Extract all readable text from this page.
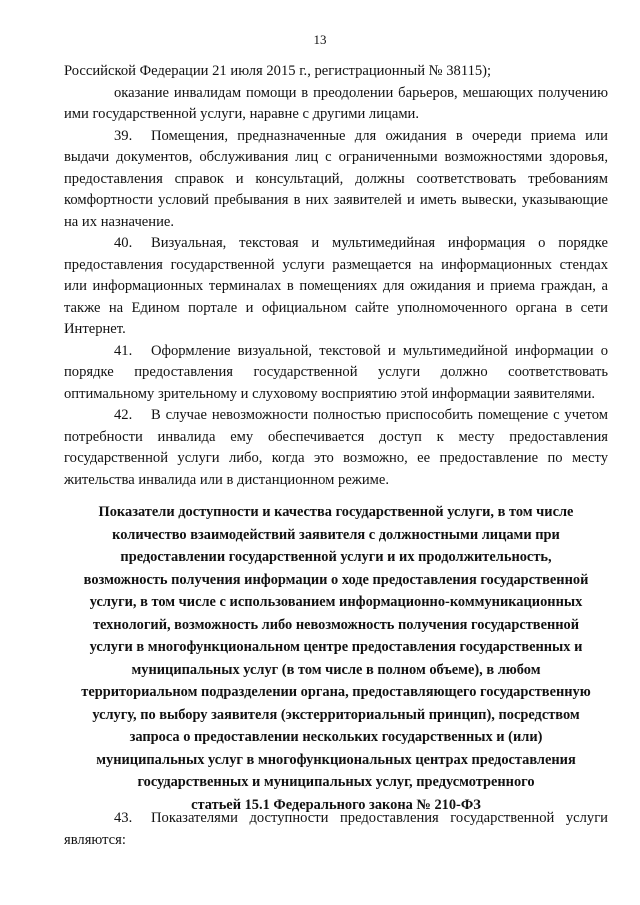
13

Российской Федерации 21 июля 2015 г., регистрационный № 38115);

оказание инвалидам помощи в преодолении барьеров, мешающих получению ими государственной услуги, наравне с другими лицами.

39. Помещения, предназначенные для ожидания в очереди приема или выдачи документов, обслуживания лиц с ограниченными возможностями здоровья, предоставления справок и консультаций, должны соответствовать требованиям комфортности условий пребывания в них заявителей и иметь вывески, указывающие на их назначение.

40. Визуальная, текстовая и мультимедийная информация о порядке предоставления государственной услуги размещается на информационных стендах или информационных терминалах в помещениях для ожидания и приема граждан, а также на Едином портале и официальном сайте уполномоченного органа в сети Интернет.

41. Оформление визуальной, текстовой и мультимедийной информации о порядке предоставления государственной услуги должно соответствовать оптимальному зрительному и слуховому восприятию этой информации заявителями.

42. В случае невозможности полностью приспособить помещение с учетом потребности инвалида ему обеспечивается доступ к месту предоставления государственной услуги либо, когда это возможно, ее предоставление по месту жительства инвалида или в дистанционном режиме.

Показатели доступности и качества государственной услуги, в том числе
количество взаимодействий заявителя с должностными лицами при
предоставлении государственной услуги и их продолжительность,
возможность получения информации о ходе предоставления государственной
услуги, в том числе с использованием информационно-коммуникационных
технологий, возможность либо невозможность получения государственной
услуги в многофункциональном центре предоставления государственных и
муниципальных услуг (в том числе в полном объеме), в любом
территориальном подразделении органа, предоставляющего государственную
услугу, по выбору заявителя (экстерриториальный принцип), посредством
запроса о предоставлении нескольких государственных и (или)
муниципальных услуг в многофункциональных центрах предоставления
государственных и муниципальных услуг, предусмотренного
статьей 15.1 Федерального закона № 210-ФЗ

43. Показателями доступности предоставления государственной услуги являются:
